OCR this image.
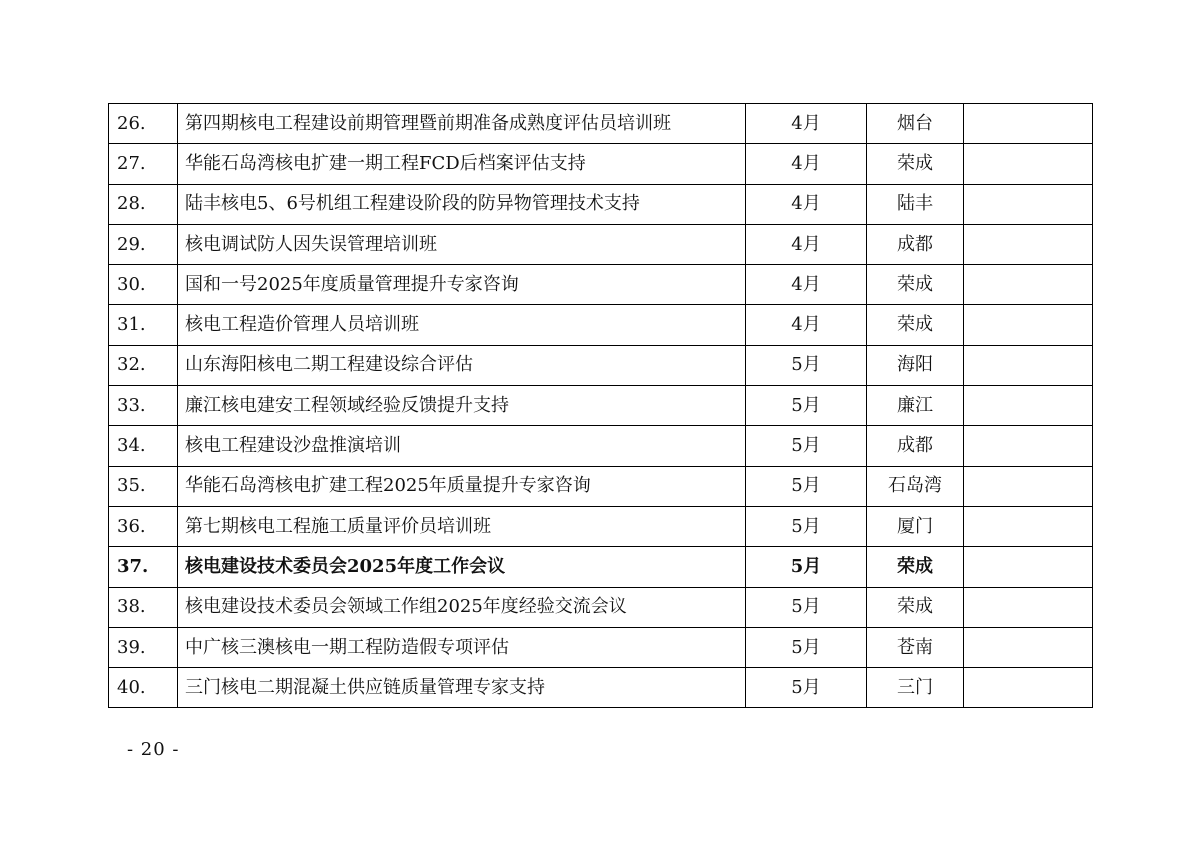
26.	第四期核电工程建设前期管理暨前期准备成熟度评估员培训班	4月	烟台	
27.	华能石岛湾核电扩建一期工程FCD后档案评估支持	4月	荣成	
28.	陆丰核电5、6号机组工程建设阶段的防异物管理技术支持	4月	陆丰	
29.	核电调试防人因失误管理培训班	4月	成都	
30.	国和一号2025年度质量管理提升专家咨询	4月	荣成	
31.	核电工程造价管理人员培训班	4月	荣成	
32.	山东海阳核电二期工程建设综合评估	5月	海阳	
33.	廉江核电建安工程领域经验反馈提升支持	5月	廉江	
34.	核电工程建设沙盘推演培训	5月	成都	
35.	华能石岛湾核电扩建工程2025年质量提升专家咨询	5月	石岛湾	
36.	第七期核电工程施工质量评价员培训班	5月	厦门	
37.	核电建设技术委员会2025年度工作会议	5月	荣成	
38.	核电建设技术委员会领域工作组2025年度经验交流会议	5月	荣成	
39.	中广核三澳核电一期工程防造假专项评估	5月	苍南	
40.	三门核电二期混凝土供应链质量管理专家支持	5月	三门	
- 20 -
